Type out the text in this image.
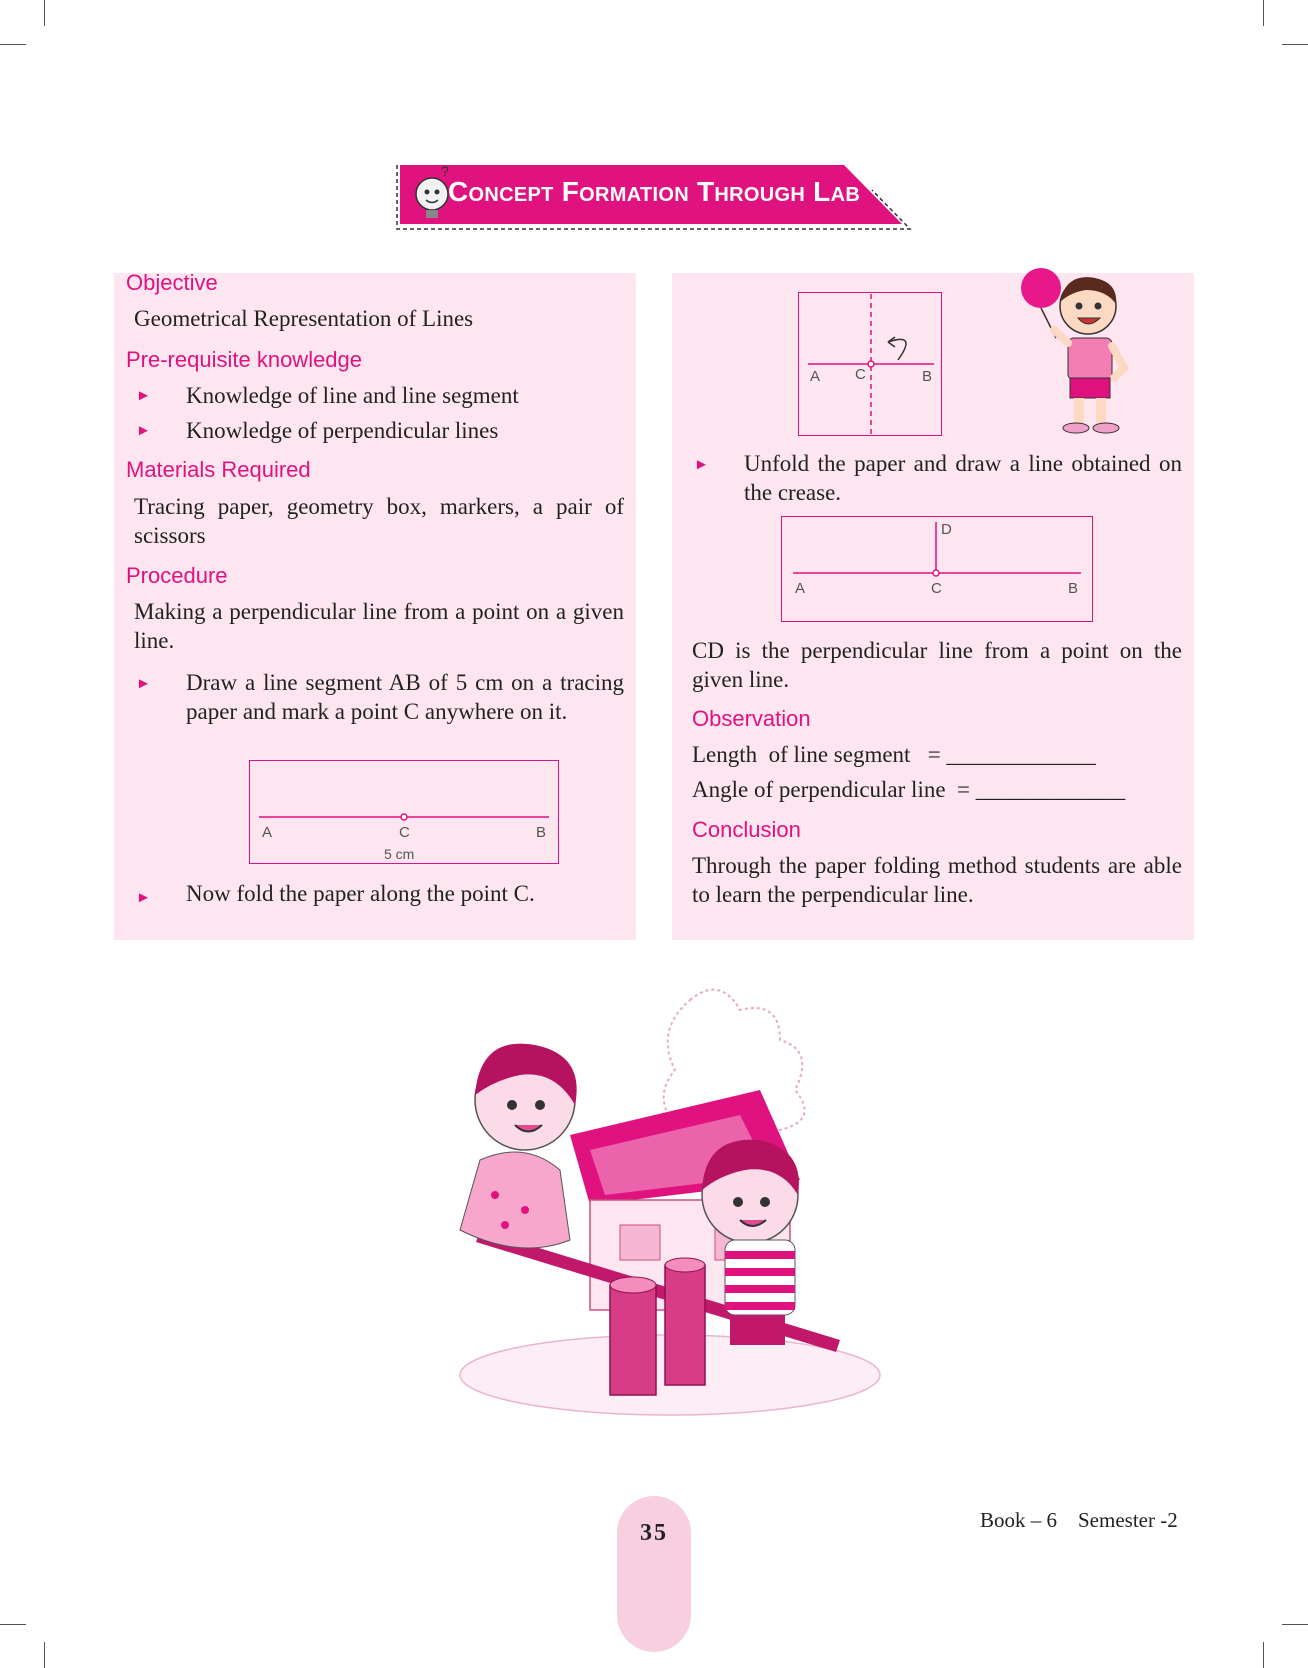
?
Concept Formation Through Lab
Objective
Geometrical Representation of Lines
Pre-requisite knowledge
► Knowledge of line and line segment
► Knowledge of perpendicular lines
Materials Required
Tracing paper, geometry box, markers, a pair of scissors
Procedure
Making a perpendicular line from a point on a given line.
► Draw a line segment AB of 5 cm on a tracing paper and mark a point C anywhere on it.
A	C	B
5 cm
► Now fold the paper along the point C.
A C	B
► Unfold the paper and draw a line obtained on the crease.
D
A	C	B
CD is the perpendicular line from a point on the given line.
Observation
Length  of line segment   = _____________
Angle of perpendicular line  = _____________
Conclusion
Through the paper folding method students are able to learn the perpendicular line.
35	Book – 6    Semester -2
